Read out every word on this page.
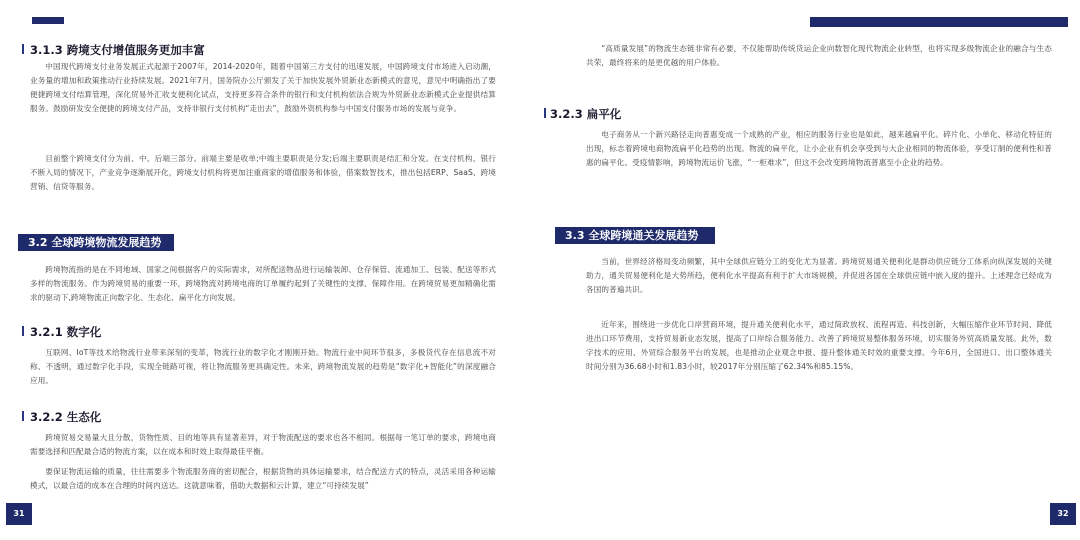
3.1.3 跨境支付增值服务更加丰富
中国现代跨境支付业务发展正式起源于2007年，2014-2020年，随着中国第三方支付的迅速发展，中国跨境支付市场进入启动潮，业务量的增加和政策推动行业持续发展。2021年7月，国务院办公厅颁发了关于加快发展外贸新业态新模式的意见，意见中明确指出了要便捷跨境支付结算管理，深化贸易外汇收支便利化试点，支持更多符合条件的银行和支付机构依法合规为外贸新业态新模式企业提供结算服务。鼓励研发安全便捷的跨境支付产品，支持非银行支付机构“走出去”，鼓励外资机构参与中国支付服务市场的发展与竞争。
目前整个跨境支付分为前、中、后端三部分。前端主要是收单;中端主要职责是分发;后端主要职责是结汇和分发。在支付机构、银行不断入局的情况下，产业竞争逐渐展开化，跨境支付机构将更加注重商家的增值服务和体验，借案数智技术，推出包括ERP、SaaS、跨境营销、信贷等服务。
3.2 全球跨境物流发展趋势
跨境物流指的是在不同地域、国家之间根据客户的实际需求，对所配送物品进行运输装卸、仓存保管、流通加工、包装、配送等形式多样的物流服务。作为跨境贸易的重要一环，跨境物流对跨境电商的订单履约起到了关键性的支撑、保障作用。在跨境贸易更加精确化需求的驱动下,跨境物流正向数字化、生态化、扁平化方向发展。
3.2.1 数字化
互联网、IoT等技术给物流行业带来深刻的变革，物流行业的数字化才刚刚开始。物流行业中间环节很多，多极货代存在信息流不对称、不透明，通过数字化手段，实现全链路可视，将让物流服务更具确定性。未来，跨境物流发展的趋势是“数字化+智能化”的深度融合应用。
3.2.2 生态化
跨境贸易交易量大且分散，货物性质、目的地等具有显著差异，对于物流配送的要求也各不相同。根据每一笔订单的要求，跨境电商需要选择和匹配最合适的物流方案，以在成本和时效上取得最佳平衡。
要保证物流运输的质量，往往需要多个物流服务商的密切配合，根据货物的具体运输要求，结合配送方式的特点，灵活采用各种运输模式，以最合适的成本在合理的时间内送达。这就意味着，借助大数据和云计算，建立“可持续发展”
31
“高质量发展”的物流生态链非常有必要，不仅能帮助传统货运企业向数智化现代物流企业转型，也将实现多级物流企业的融合与生态共荣，最终将来的是更优越的用户体验。
3.2.3 扁平化
电子商务从一个新兴路径走向普惠变成一个成熟的产业，相应的服务行业也是如此，越来越扁平化。碎片化、小单化、移动化特征的出现，标志着跨境电商物流扁平化趋势的出现。物流的扁平化，让小企业有机会享受到与大企业相同的物流体验，享受订制的便利性和普惠的扁平化。受疫情影响，跨境物流运价飞涨，“一柜难求”，但这不会改变跨境物流普惠至小企业的趋势。
3.3 全球跨境通关发展趋势
当前，世界经济格局变动频繁，其中全球供应链分工的变化尤为显著。跨境贸易通关便利化是群动供应链分工体系向纵深发展的关键助力，通关贸易便利化是大势所趋，便利化水平提高有利于扩大市场规模，并促进各国在全球供应链中嵌入度的提升。上述理念已经成为各国的普遍共识。
近年来，围绕进一步优化口岸营商环境，提升通关便利化水平，通过简政放权、流程再造、科技创新，大幅压缩作业环节时间、降低进出口环节费用，支持贸易新业态发展，提高了口岸综合服务能力、改善了跨境贸易整体服务环境，切实服务外贸高质量发展。此外，数字技术的应用、外贸综合服务平台的发展，也是推动企业观念申报、提升整体通关时效的重要支撑。今年6月，全国进口、出口整体通关时间分别为36.68小时和1.83小时，较2017年分别压缩了62.34%和85.15%。
32
